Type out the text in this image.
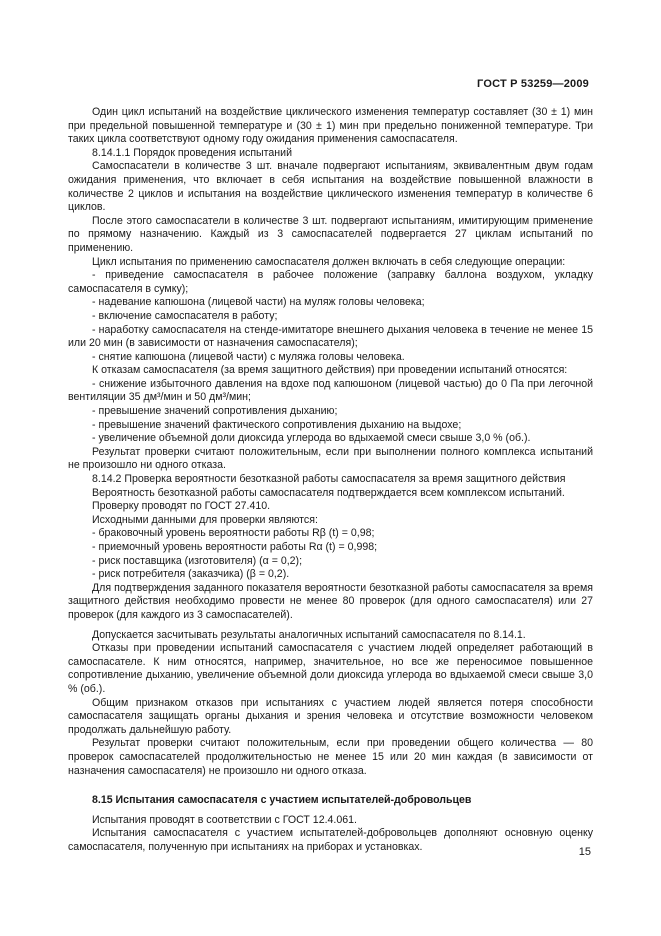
ГОСТ Р 53259—2009

Один цикл испытаний на воздействие циклического изменения температур составляет (30 ± 1) мин при предельной повышенной температуре и (30 ± 1) мин при предельно пониженной температуре. Три таких цикла соответствуют одному году ожидания применения самоспасателя.

8.14.1.1 Порядок проведения испытаний

Самоспасатели в количестве 3 шт. вначале подвергают испытаниям, эквивалентным двум годам ожидания применения, что включает в себя испытания на воздействие повышенной влажности в количестве 2 циклов и испытания на воздействие циклического изменения температур в количестве 6 циклов.

После этого самоспасатели в количестве 3 шт. подвергают испытаниям, имитирующим применение по прямому назначению. Каждый из 3 самоспасателей подвергается 27 циклам испытаний по применению.

Цикл испытания по применению самоспасателя должен включать в себя следующие операции:

- приведение самоспасателя в рабочее положение (заправку баллона воздухом, укладку самоспасателя в сумку);

- надевание капюшона (лицевой части) на муляж головы человека;

- включение самоспасателя в работу;

- наработку самоспасателя на стенде-имитаторе внешнего дыхания человека в течение не менее 15 или 20 мин (в зависимости от назначения самоспасателя);

- снятие капюшона (лицевой части) с муляжа головы человека.

К отказам самоспасателя (за время защитного действия) при проведении испытаний относятся:

- снижение избыточного давления на вдохе под капюшоном (лицевой частью) до 0 Па при легочной вентиляции 35 дм³/мин и 50 дм³/мин;

- превышение значений сопротивления дыханию;

- превышение значений фактического сопротивления дыханию на выдохе;

- увеличение объемной доли диоксида углерода во вдыхаемой смеси свыше 3,0 % (об.).

Результат проверки считают положительным, если при выполнении полного комплекса испытаний не произошло ни одного отказа.

8.14.2 Проверка вероятности безотказной работы самоспасателя за время защитного действия

Вероятность безотказной работы самоспасателя подтверждается всем комплексом испытаний.

Проверку проводят по ГОСТ 27.410.

Исходными данными для проверки являются:

- браковочный уровень вероятности работы Rβ (t) = 0,98;

- приемочный уровень вероятности работы Rα (t) = 0,998;

- риск поставщика (изготовителя) (α = 0,2);

- риск потребителя (заказчика) (β = 0,2).

Для подтверждения заданного показателя вероятности безотказной работы самоспасателя за время защитного действия необходимо провести не менее 80 проверок (для одного самоспасателя) или 27 проверок (для каждого из 3 самоспасателей).

Допускается засчитывать результаты аналогичных испытаний самоспасателя по 8.14.1.

Отказы при проведении испытаний самоспасателя с участием людей определяет работающий в самоспасателе. К ним относятся, например, значительное, но все же переносимое повышенное сопротивление дыханию, увеличение объемной доли диоксида углерода во вдыхаемой смеси свыше 3,0 % (об.).

Общим признаком отказов при испытаниях с участием людей является потеря способности самоспасателя защищать органы дыхания и зрения человека и отсутствие возможности человеком продолжать дальнейшую работу.

Результат проверки считают положительным, если при проведении общего количества — 80 проверок самоспасателей продолжительностью не менее 15 или 20 мин каждая (в зависимости от назначения самоспасателя) не произошло ни одного отказа.

8.15 Испытания самоспасателя с участием испытателей-добровольцев

Испытания проводят в соответствии с ГОСТ 12.4.061.

Испытания самоспасателя с участием испытателей-добровольцев дополняют основную оценку самоспасателя, полученную при испытаниях на приборах и установках.	15
